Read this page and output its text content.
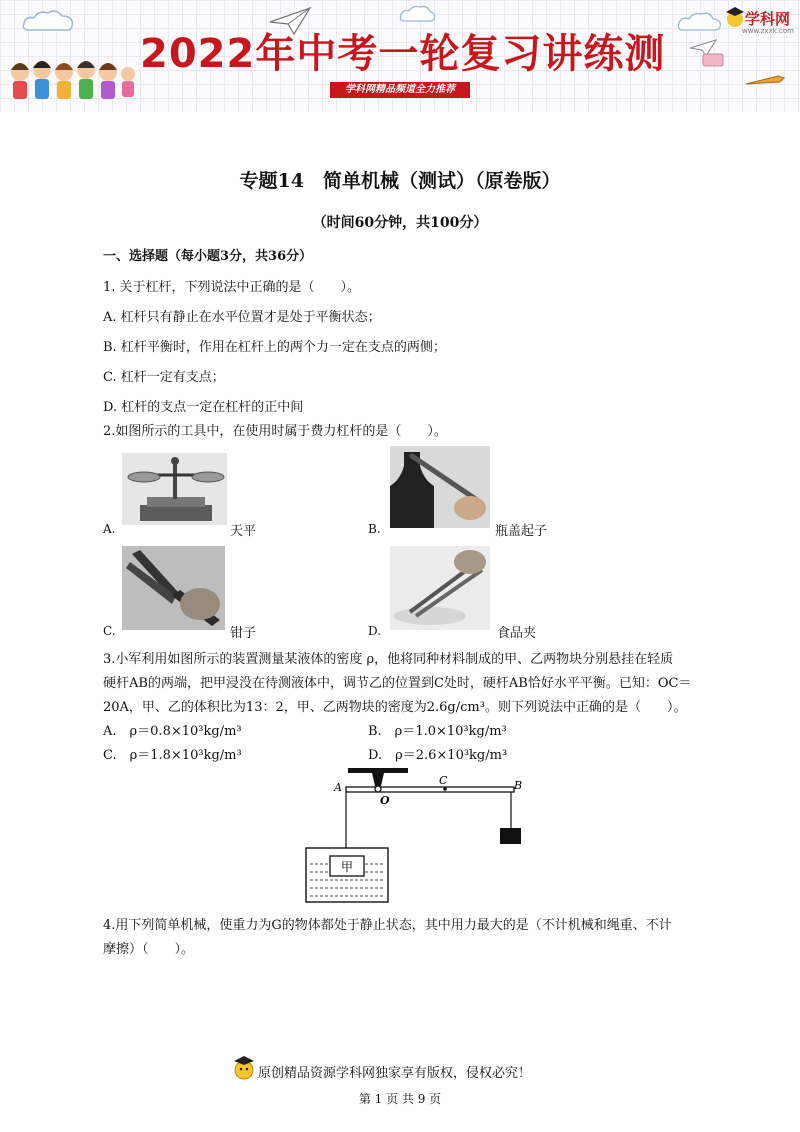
2022年中考一轮复习讲练测
学科网精品频道全力推荐
学科网
www.zxxk.com
专题14　简单机械（测试）（原卷版）
（时间60分钟，共100分）
一、选择题（每小题3分，共36分）
1. 关于杠杆，下列说法中正确的是（　　）。
A. 杠杆只有静止在水平位置才是处于平衡状态；
B. 杠杆平衡时，作用在杠杆上的两个力一定在支点的两侧；
C. 杠杆一定有支点；
D. 杠杆的支点一定在杠杆的正中间
2.如图所示的工具中，在使用时属于费力杠杆的是（　　）。
A.	天平	B.	瓶盖起子
C.	钳子	D.	食品夹
3.小军利用如图所示的装置测量某液体的密度 ρ，他将同种材料制成的甲、乙两物块分别悬挂在轻质
硬杆AB的两端，把甲浸没在待测液体中，调节乙的位置到C处时，硬杆AB恰好水平平衡。已知：OC＝
20A，甲、乙的体积比为13：2，甲、乙两物块的密度为2.6g/cm³。则下列说法中正确的是（　　）。
A.　ρ＝0.8×10³kg/m³	B.　ρ＝1.0×10³kg/m³
C.　ρ＝1.8×10³kg/m³	D.　ρ＝2.6×10³kg/m³
甲
A
O
C	B
4.用下列简单机械，使重力为G的物体都处于静止状态，其中用力最大的是（不计机械和绳重、不计
摩擦）（　　）。
原创精品资源学科网独家享有版权，侵权必究！
第 1 页 共 9 页
